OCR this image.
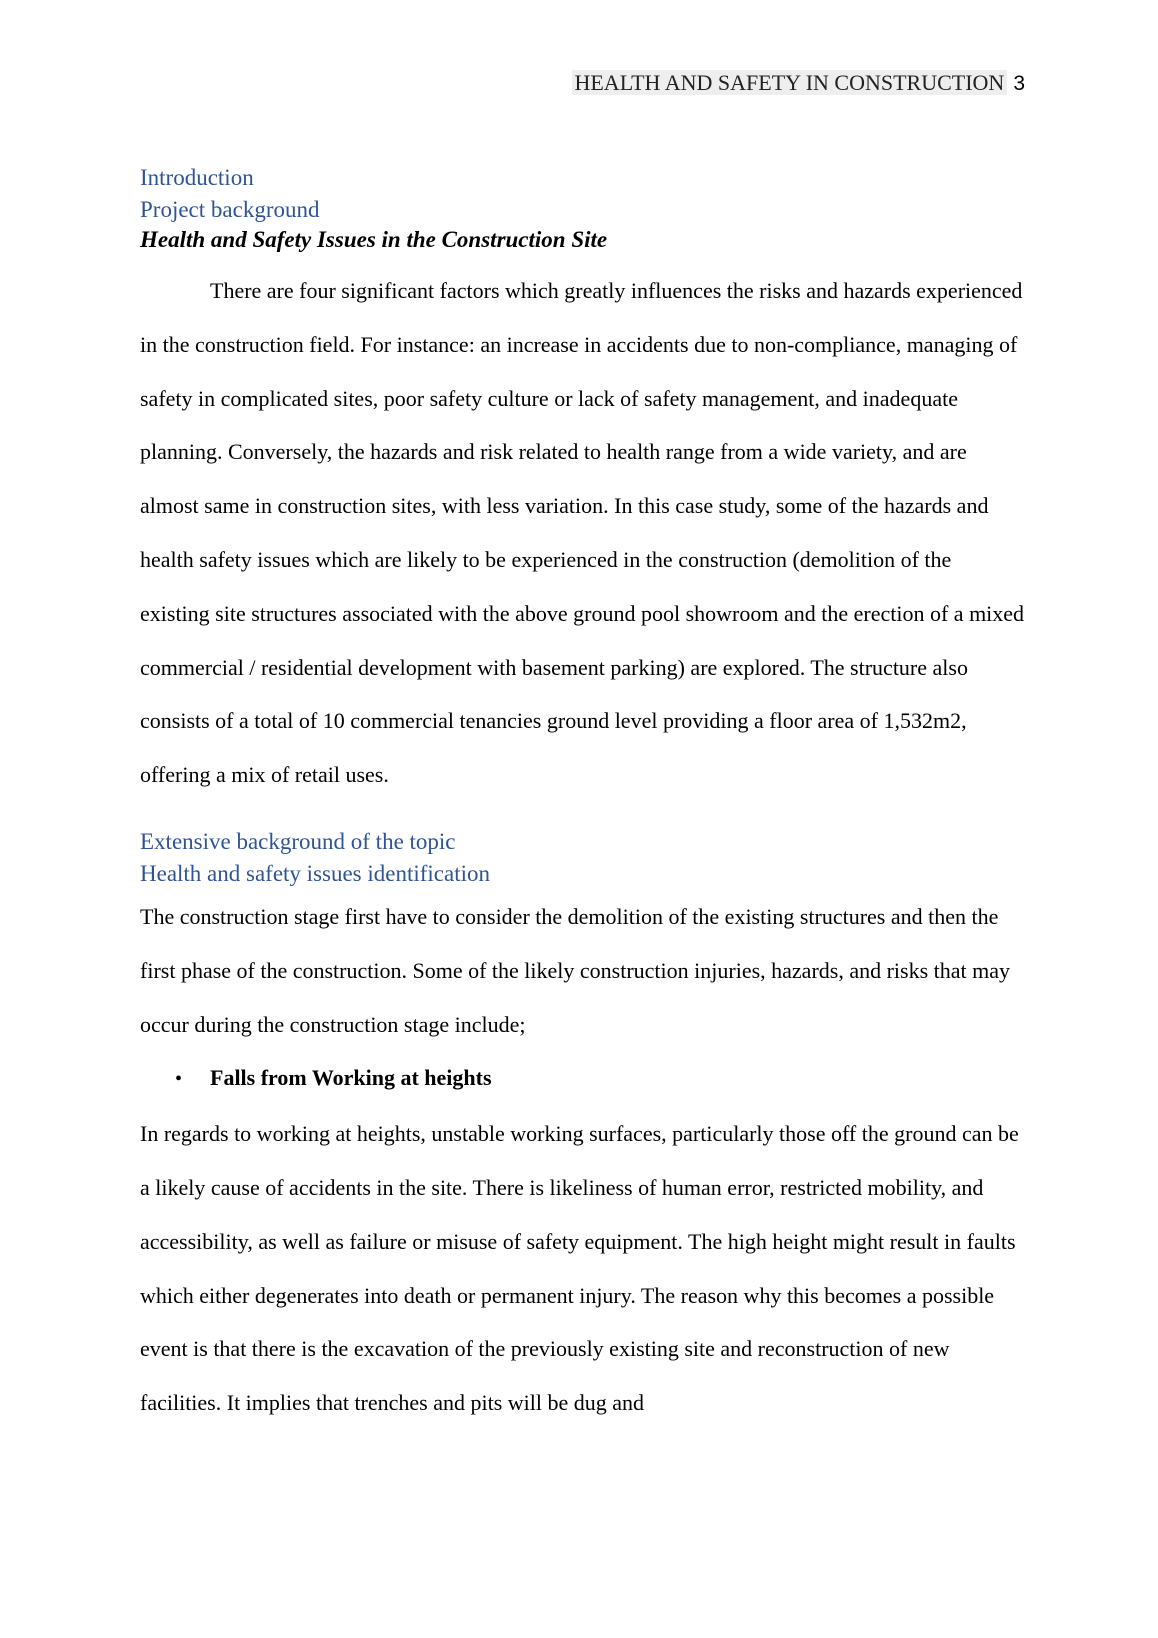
HEALTH AND SAFETY IN CONSTRUCTION 3
Introduction
Project background
Health and Safety Issues in the Construction Site

There are four significant factors which greatly influences the risks and hazards experienced in the construction field. For instance: an increase in accidents due to non-compliance, managing of safety in complicated sites, poor safety culture or lack of safety management, and inadequate planning. Conversely, the hazards and risk related to health range from a wide variety, and are almost same in construction sites, with less variation. In this case study, some of the hazards and health safety issues which are likely to be experienced in the construction (demolition of the existing site structures associated with the above ground pool showroom and the erection of a mixed commercial / residential development with basement parking) are explored. The structure also consists of a total of 10 commercial tenancies ground level providing a floor area of 1,532m2, offering a mix of retail uses.

Extensive background of the topic
Health and safety issues identification

The construction stage first have to consider the demolition of the existing structures and then the first phase of the construction. Some of the likely construction injuries, hazards, and risks that may occur during the construction stage include;

•	Falls from Working at heights

In regards to working at heights, unstable working surfaces, particularly those off the ground can be a likely cause of accidents in the site. There is likeliness of human error, restricted mobility, and accessibility, as well as failure or misuse of safety equipment. The high height might result in faults which either degenerates into death or permanent injury. The reason why this becomes a possible event is that there is the excavation of the previously existing site and reconstruction of new facilities. It implies that trenches and pits will be dug and
